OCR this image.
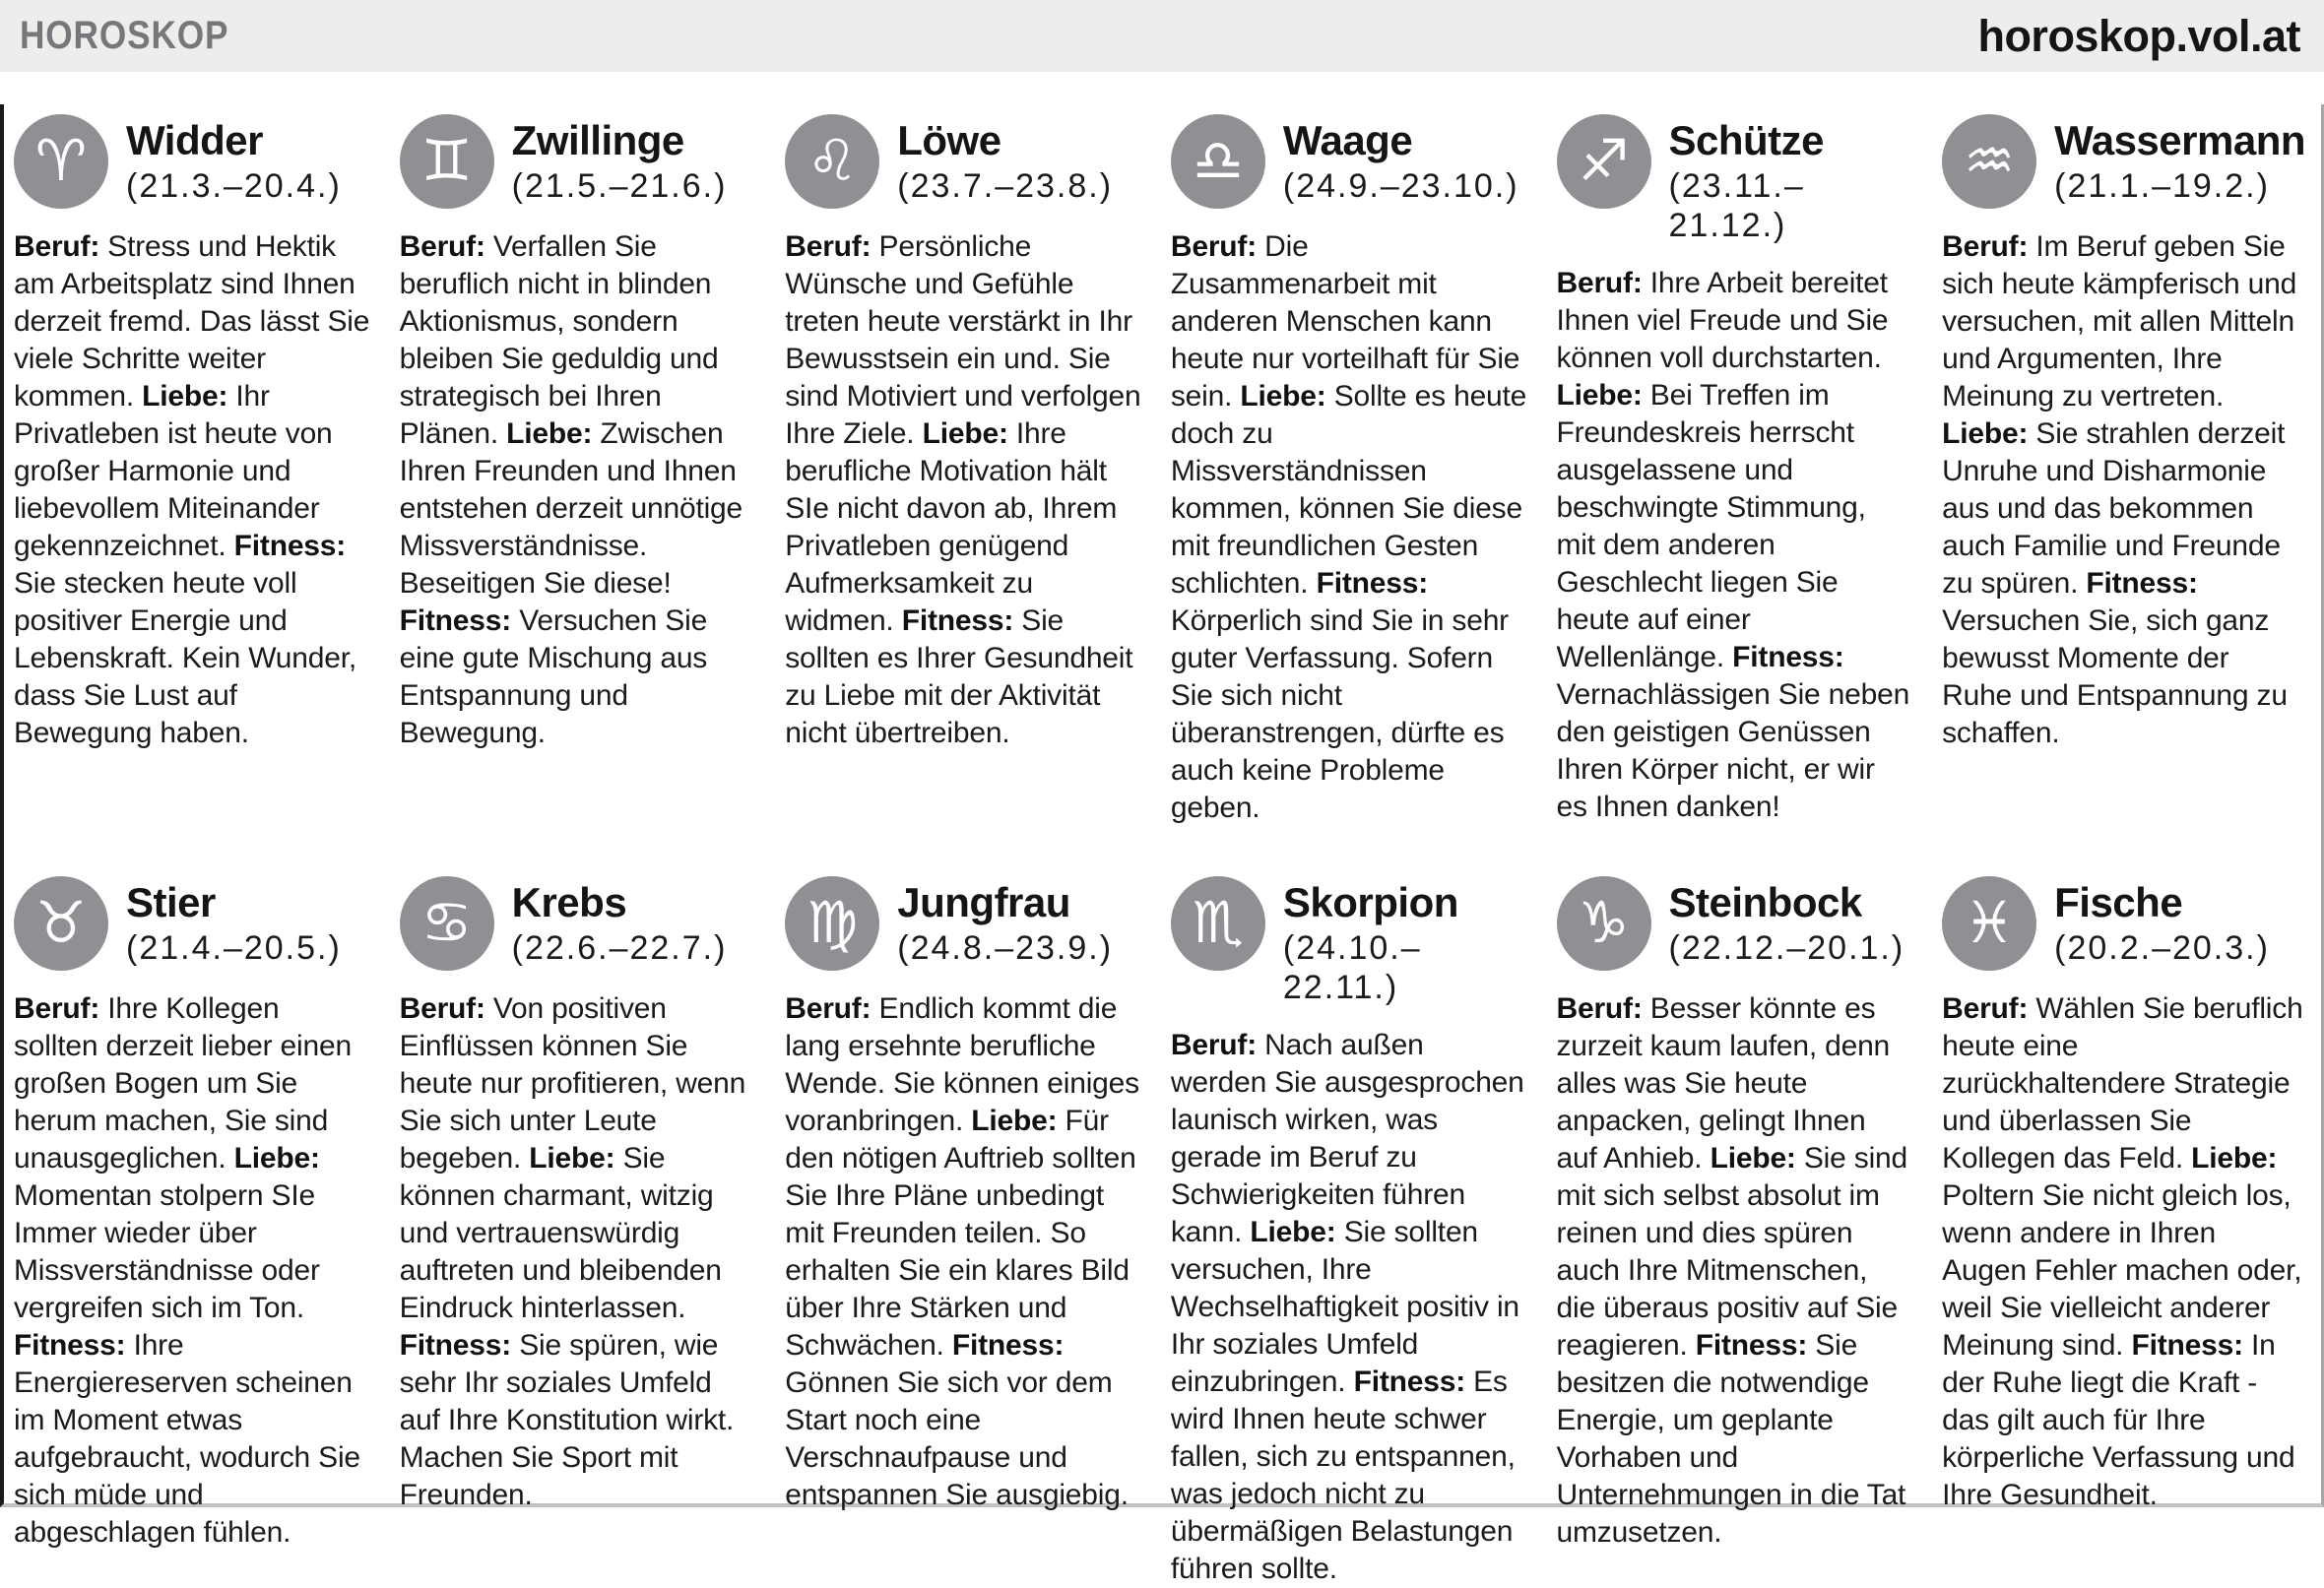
HOROSKOP	horoskop.vol.at
♈ Widder
(21.3.–20.4.)

Beruf: Stress und Hektik am Arbeitsplatz sind Ihnen derzeit fremd. Das lässt Sie viele Schritte weiter kommen. Liebe: Ihr Privatleben ist heute von großer Harmonie und liebevollem Miteinander gekennzeichnet. Fitness: Sie stecken heute voll positiver Energie und Lebenskraft. Kein Wunder, dass Sie Lust auf Bewegung haben.

♊ Zwillinge
(21.5.–21.6.)

Beruf: Verfallen Sie beruflich nicht in blinden Aktionismus, sondern bleiben Sie geduldig und strategisch bei Ihren Plänen. Liebe: Zwischen Ihren Freunden und Ihnen entstehen derzeit unnötige Missverständnisse. Beseitigen Sie diese! Fitness: Versuchen Sie eine gute Mischung aus Entspannung und Bewegung.

♌ Löwe
(23.7.–23.8.)

Beruf: Persönliche Wünsche und Gefühle treten heute verstärkt in Ihr Bewusstsein ein und. Sie sind Motiviert und verfolgen Ihre Ziele. Liebe: Ihre berufliche Motivation hält SIe nicht davon ab, Ihrem Privatleben genügend Aufmerksamkeit zu widmen. Fitness: Sie sollten es Ihrer Gesundheit zu Liebe mit der Aktivität nicht übertreiben.

♎ Waage
(24.9.–23.10.)

Beruf: Die Zusammenarbeit mit anderen Menschen kann heute nur vorteilhaft für Sie sein. Liebe: Sollte es heute doch zu Missverständnissen kommen, können Sie diese mit freundlichen Gesten schlichten. Fitness: Körperlich sind Sie in sehr guter Verfassung. Sofern Sie sich nicht überanstrengen, dürfte es auch keine Probleme geben.

♐ Schütze
(23.11.–21.12.)

Beruf: Ihre Arbeit bereitet Ihnen viel Freude und Sie können voll durchstarten. Liebe: Bei Treffen im Freundeskreis herrscht ausgelassene und beschwingte Stimmung, mit dem anderen Geschlecht liegen Sie heute auf einer Wellenlänge. Fitness: Vernachlässigen Sie neben den geistigen Genüssen Ihren Körper nicht, er wir es Ihnen danken!

♒ Wassermann
(21.1.–19.2.)

Beruf: Im Beruf geben Sie sich heute kämpferisch und versuchen, mit allen Mitteln und Argumenten, Ihre Meinung zu vertreten. Liebe: Sie strahlen derzeit Unruhe und Disharmonie aus und das bekommen auch Familie und Freunde zu spüren. Fitness: Versuchen Sie, sich ganz bewusst Momente der Ruhe und Entspannung zu schaffen.

♉ Stier
(21.4.–20.5.)

Beruf: Ihre Kollegen sollten derzeit lieber einen großen Bogen um Sie herum machen, Sie sind unausgeglichen. Liebe: Momentan stolpern SIe Immer wieder über Missverständnisse oder vergreifen sich im Ton. Fitness: Ihre Energiereserven scheinen im Moment etwas aufgebraucht, wodurch Sie sich müde und abgeschlagen fühlen.

♋ Krebs
(22.6.–22.7.)

Beruf: Von positiven Einflüssen können Sie heute nur profitieren, wenn Sie sich unter Leute begeben. Liebe: Sie können charmant, witzig und vertrauenswürdig auftreten und bleibenden Eindruck hinterlassen. Fitness: Sie spüren, wie sehr Ihr soziales Umfeld auf Ihre Konstitution wirkt. Machen Sie Sport mit Freunden.

♍ Jungfrau
(24.8.–23.9.)

Beruf: Endlich kommt die lang ersehnte berufliche Wende. Sie können einiges voranbringen. Liebe: Für den nötigen Auftrieb sollten Sie Ihre Pläne unbedingt mit Freunden teilen. So erhalten Sie ein klares Bild über Ihre Stärken und Schwächen. Fitness: Gönnen Sie sich vor dem Start noch eine Verschnaufpause und entspannen Sie ausgiebig.

♏ Skorpion
(24.10.–22.11.)

Beruf: Nach außen werden Sie ausgesprochen launisch wirken, was gerade im Beruf zu Schwierigkeiten führen kann. Liebe: Sie sollten versuchen, Ihre Wechselhaftigkeit positiv in Ihr soziales Umfeld einzubringen. Fitness: Es wird Ihnen heute schwer fallen, sich zu entspannen, was jedoch nicht zu übermäßigen Belastungen führen sollte.

♑ Steinbock
(22.12.–20.1.)

Beruf: Besser könnte es zurzeit kaum laufen, denn alles was Sie heute anpacken, gelingt Ihnen auf Anhieb. Liebe: Sie sind mit sich selbst absolut im reinen und dies spüren auch Ihre Mitmenschen, die überaus positiv auf Sie reagieren. Fitness: Sie besitzen die notwendige Energie, um geplante Vorhaben und Unternehmungen in die Tat umzusetzen.

♓ Fische
(20.2.–20.3.)

Beruf: Wählen Sie beruflich heute eine zurückhaltendere Strategie und überlassen Sie Kollegen das Feld. Liebe: Poltern Sie nicht gleich los, wenn andere in Ihren Augen Fehler machen oder, weil Sie vielleicht anderer Meinung sind. Fitness: In der Ruhe liegt die Kraft - das gilt auch für Ihre körperliche Verfassung und Ihre Gesundheit.
